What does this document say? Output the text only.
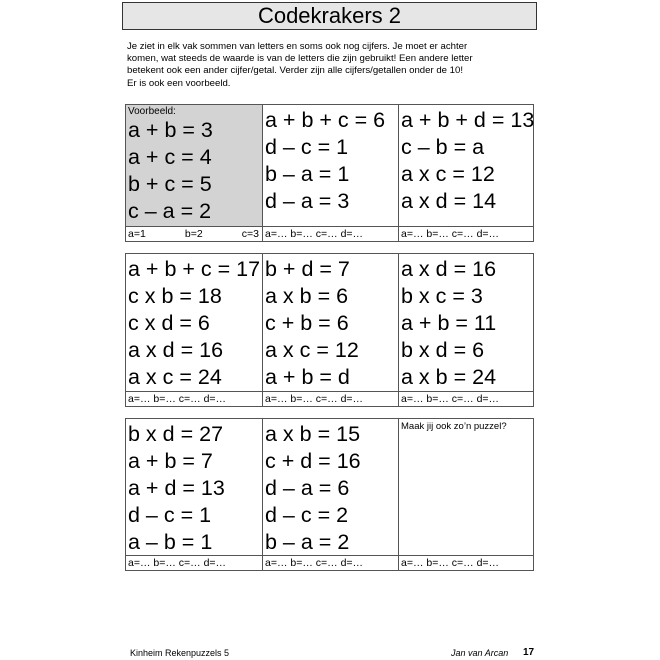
Codekrakers 2

Je ziet in elk vak sommen van letters en soms ook nog cijfers. Je moet er achter

komen, wat steeds de waarde is van de letters die zijn gebruikt! Een andere letter

betekent ook een ander cijfer/getal. Verder zijn alle cijfers/getallen onder de 10!

Er is ook een voorbeeld.

Voorbeeld:
a + b = 3
a + c = 4
b + c = 5
c – a = 2
a=1	b=2	c=3
a + b + c = 6
d – c = 1
b – a = 1
d – a = 3
a=… b=… c=… d=…
a + b + d = 13
c – b = a
a x c = 12
a x d = 14
a=… b=… c=… d=…
a + b + c = 17
c x b = 18
c x d = 6
a x d = 16
a x c = 24
a=… b=… c=… d=…
b + d = 7
a x b = 6
c + b = 6
a x c = 12
a + b = d
a=… b=… c=… d=…
a x d = 16
b x c = 3
a + b = 11
b x d = 6
a x b = 24
a=… b=… c=… d=…
b x d = 27
a + b = 7
a + d = 13
d – c = 1
a – b = 1
a=… b=… c=… d=…
a x b = 15
c + d = 16
d – a = 6
d – c = 2
b – a = 2
a=… b=… c=… d=…
Maak jij ook zo’n puzzel?
a=… b=… c=… d=…
Kinheim Rekenpuzzels 5	Jan van Arcan 17
